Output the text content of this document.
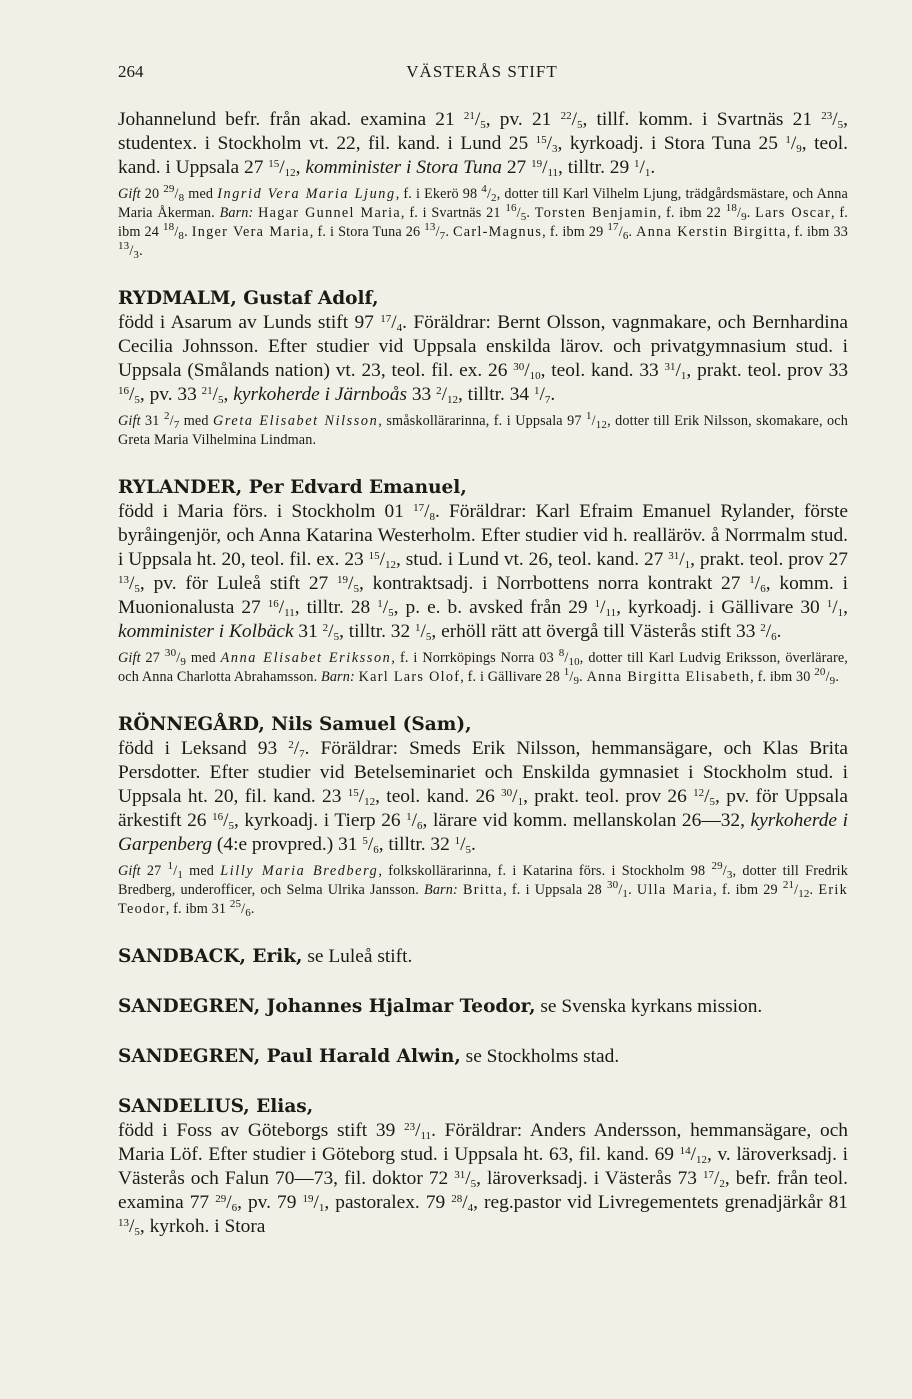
264	VÄSTERÅS STIFT

Johannelund befr. från akad. examina 21 $^{21}/_5$, pv. 21 $^{22}/_5$, tillf. komm. i Svartnäs 21 $^{23}/_5$, studentex. i Stockholm vt. 22, fil. kand. i Lund 25 $^{15}/_3$, kyrkoadj. i Stora Tuna 25 $^1/_9$, teol. kand. i Uppsala 27 $^{15}/_{12}$, komminister i Stora Tuna 27 $^{19}/_{11}$, tilltr. 29 $^1/_1$.

Gift 20 $^{29}/_8$ med Ingrid Vera Maria Ljung, f. i Ekerö 98 $^4/_2$, dotter till Karl Vilhelm Ljung, trädgårdsmästare, och Anna Maria Åkerman. Barn: Hagar Gunnel Maria, f. i Svartnäs 21 $^{16}/_5$. Torsten Benjamin, f. ibm 22 $^{18}/_9$. Lars Oscar, f. ibm 24 $^{18}/_8$. Inger Vera Maria, f. i Stora Tuna 26 $^{13}/_7$. Carl-Magnus, f. ibm 29 $^{17}/_6$. Anna Kerstin Birgitta, f. ibm 33 $^{13}/_3$.

RYDMALM, Gustaf Adolf,

född i Asarum av Lunds stift 97 $^{17}/_4$. Föräldrar: Bernt Olsson, vagnmakare, och Bernhardina Cecilia Johnsson. Efter studier vid Uppsala enskilda lärov. och privatgymnasium stud. i Uppsala (Smålands nation) vt. 23, teol. fil. ex. 26 $^{30}/_{10}$, teol. kand. 33 $^{31}/_1$, prakt. teol. prov 33 $^{16}/_5$, pv. 33 $^{21}/_5$, kyrkoherde i Järnboås 33 $^2/_{12}$, tilltr. 34 $^1/_7$.

Gift 31 $^2/_7$ med Greta Elisabet Nilsson, småskollärarinna, f. i Uppsala 97 $^1/_{12}$, dotter till Erik Nilsson, skomakare, och Greta Maria Vilhelmina Lindman.

RYLANDER, Per Edvard Emanuel,

född i Maria förs. i Stockholm 01 $^{17}/_8$. Föräldrar: Karl Efraim Emanuel Rylander, förste byråingenjör, och Anna Katarina Westerholm. Efter studier vid h. realläröv. å Norrmalm stud. i Uppsala ht. 20, teol. fil. ex. 23 $^{15}/_{12}$, stud. i Lund vt. 26, teol. kand. 27 $^{31}/_1$, prakt. teol. prov 27 $^{13}/_5$, pv. för Luleå stift 27 $^{19}/_5$, kontraktsadj. i Norrbottens norra kontrakt 27 $^1/_6$, komm. i Muonionalusta 27 $^{16}/_{11}$, tilltr. 28 $^1/_5$, p. e. b. avsked från 29 $^1/_{11}$, kyrkoadj. i Gällivare 30 $^1/_1$, komminister i Kolbäck 31 $^2/_5$, tilltr. 32 $^1/_5$, erhöll rätt att övergå till Västerås stift 33 $^2/_6$.

Gift 27 $^{30}/_9$ med Anna Elisabet Eriksson, f. i Norrköpings Norra 03 $^8/_{10}$, dotter till Karl Ludvig Eriksson, överlärare, och Anna Charlotta Abrahamsson. Barn: Karl Lars Olof, f. i Gällivare 28 $^1/_9$. Anna Birgitta Elisabeth, f. ibm 30 $^{20}/_9$.

RÖNNEGÅRD, Nils Samuel (Sam),

född i Leksand 93 $^2/_7$. Föräldrar: Smeds Erik Nilsson, hemmansägare, och Klas Brita Persdotter. Efter studier vid Betelseminariet och Enskilda gymnasiet i Stockholm stud. i Uppsala ht. 20, fil. kand. 23 $^{15}/_{12}$, teol. kand. 26 $^{30}/_1$, prakt. teol. prov 26 $^{12}/_5$, pv. för Uppsala ärkestift 26 $^{16}/_5$, kyrkoadj. i Tierp 26 $^1/_6$, lärare vid komm. mellanskolan 26—32, kyrkoherde i Garpenberg (4:e provpred.) 31 $^5/_6$, tilltr. 32 $^1/_5$.

Gift 27 $^1/_1$ med Lilly Maria Bredberg, folkskollärarinna, f. i Katarina förs. i Stockholm 98 $^{29}/_3$, dotter till Fredrik Bredberg, underofficer, och Selma Ulrika Jansson. Barn: Britta, f. i Uppsala 28 $^{30}/_1$. Ulla Maria, f. ibm 29 $^{21}/_{12}$. Erik Teodor, f. ibm 31 $^{25}/_6$.

SANDBACK, Erik, se Luleå stift.

SANDEGREN, Johannes Hjalmar Teodor, se Svenska kyrkans mission.

SANDEGREN, Paul Harald Alwin, se Stockholms stad.

SANDELIUS, Elias,

född i Foss av Göteborgs stift 39 $^{23}/_{11}$. Föräldrar: Anders Andersson, hemmansägare, och Maria Löf. Efter studier i Göteborg stud. i Uppsala ht. 63, fil. kand. 69 $^{14}/_{12}$, v. läroverksadj. i Västerås och Falun 70—73, fil. doktor 72 $^{31}/_5$, läroverksadj. i Västerås 73 $^{17}/_2$, befr. från teol. examina 77 $^{29}/_6$, pv. 79 $^{19}/_1$, pastoralex. 79 $^{28}/_4$, reg.pastor vid Livregementets grenadjärkår 81 $^{13}/_5$, kyrkoh. i Stora
